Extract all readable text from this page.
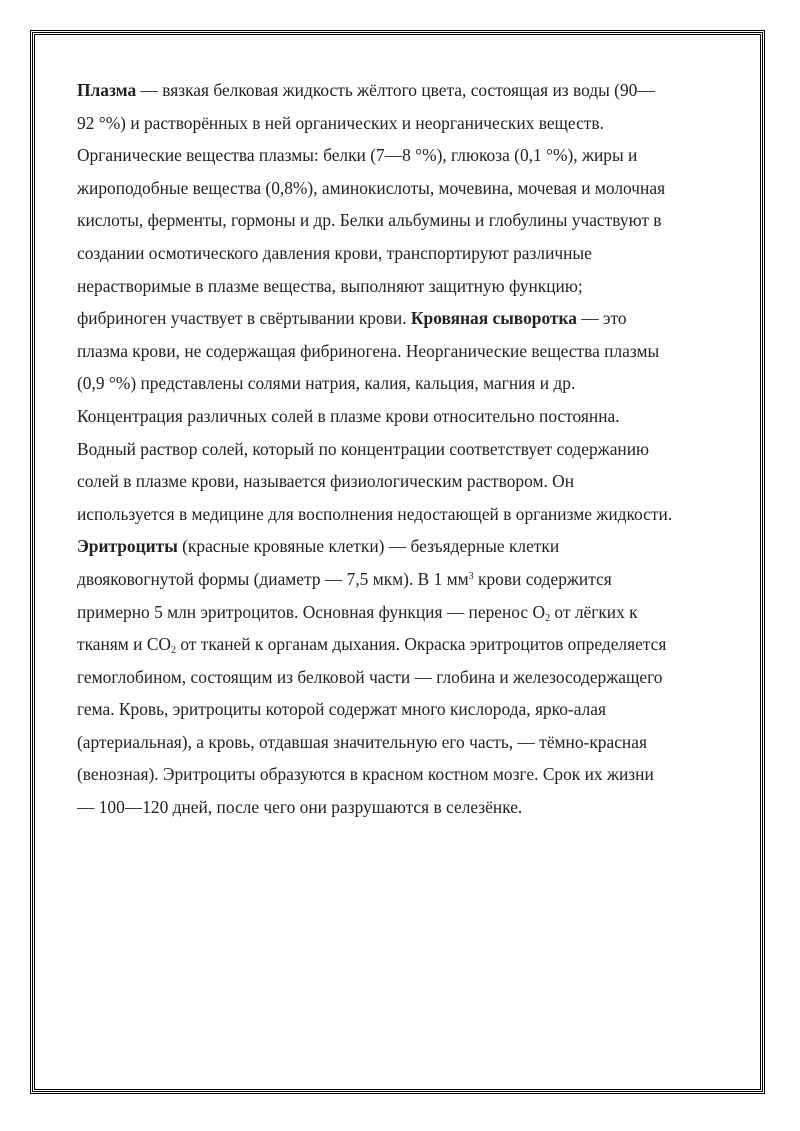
Плазма — вязкая белковая жидкость жёлтого цвета, состоящая из воды (90—
92 °%) и растворённых в ней органических и неорганических веществ.
Органические вещества плазмы: белки (7—8 °%), глюкоза (0,1 °%), жиры и
жироподобные вещества (0,8%), аминокислоты, мочевина, мочевая и молочная
кислоты, ферменты, гормоны и др. Белки альбумины и глобулины участвуют в
создании осмотического давления крови, транспортируют различные
нерастворимые в плазме вещества, выполняют защитную функцию;
фибриноген участвует в свёртывании крови. Кровяная сыворотка — это
плазма крови, не содержащая фибриногена. Неорганические вещества плазмы
(0,9 °%) представлены солями натрия, калия, кальция, магния и др.
Концентрация различных солей в плазме крови относительно постоянна.
Водный раствор солей, который по концентрации соответствует содержанию
солей в плазме крови, называется физиологическим раствором. Он
используется в медицине для восполнения недостающей в организме жидкости.
Эритроциты (красные кровяные клетки) — безъядерные клетки
двояковогнутой формы (диаметр — 7,5 мкм). В 1 $мм^3$ крови содержится
примерно 5 млн эритроцитов. Основная функция — перенос $O_2$ от лёгких к
тканям и $CO_2$ от тканей к органам дыхания. Окраска эритроцитов определяется
гемоглобином, состоящим из белковой части — глобина и железосодержащего
гема. Кровь, эритроциты которой содержат много кислорода, ярко-алая
(артериальная), а кровь, отдавшая значительную его часть, — тёмно-красная
(венозная). Эритроциты образуются в красном костном мозге. Срок их жизни
— 100—120 дней, после чего они разрушаются в селезёнке.
